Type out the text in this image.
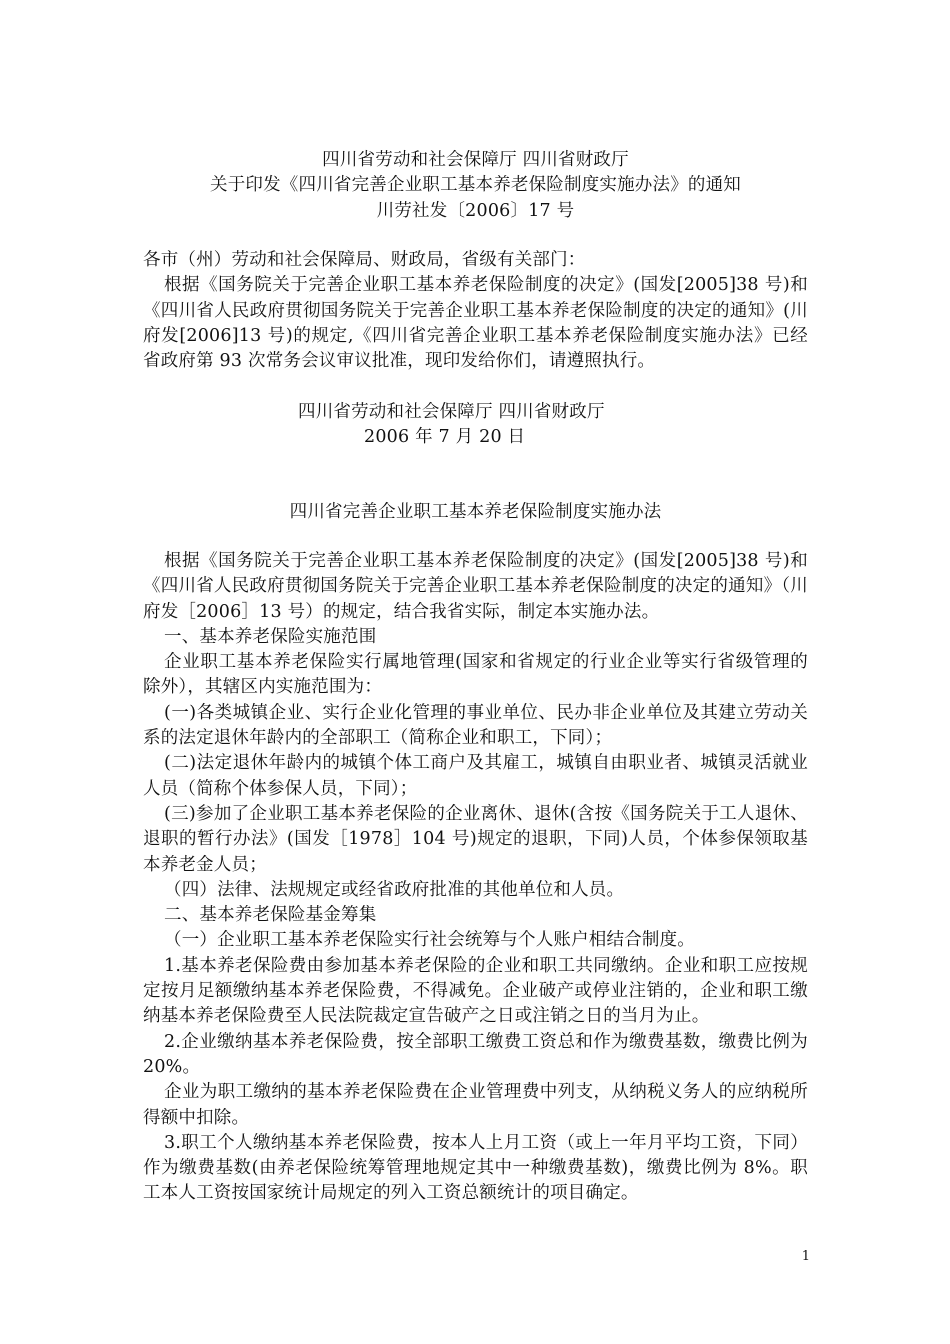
四川省劳动和社会保障厅 四川省财政厅
关于印发《四川省完善企业职工基本养老保险制度实施办法》的通知
川劳社发〔2006〕17 号

各市（州）劳动和社会保障局、财政局，省级有关部门：

根据《国务院关于完善企业职工基本养老保险制度的决定》(国发[2005]38 号)和《四川省人民政府贯彻国务院关于完善企业职工基本养老保险制度的决定的通知》(川府发[2006]13 号)的规定,《四川省完善企业职工基本养老保险制度实施办法》已经省政府第 93 次常务会议审议批准，现印发给你们，请遵照执行。

四川省劳动和社会保障厅 四川省财政厅
2006 年 7 月 20 日
四川省完善企业职工基本养老保险制度实施办法

根据《国务院关于完善企业职工基本养老保险制度的决定》(国发[2005]38 号)和《四川省人民政府贯彻国务院关于完善企业职工基本养老保险制度的决定的通知》（川府发［2006］13 号）的规定，结合我省实际，制定本实施办法。

一、基本养老保险实施范围

企业职工基本养老保险实行属地管理(国家和省规定的行业企业等实行省级管理的除外），其辖区内实施范围为：

(一)各类城镇企业、实行企业化管理的事业单位、民办非企业单位及其建立劳动关系的法定退休年龄内的全部职工（简称企业和职工，下同）；

(二)法定退休年龄内的城镇个体工商户及其雇工，城镇自由职业者、城镇灵活就业人员（简称个体参保人员，下同）；

(三)参加了企业职工基本养老保险的企业离休、退休(含按《国务院关于工人退休、退职的暂行办法》(国发［1978］104 号)规定的退职，下同)人员，个体参保领取基本养老金人员；

（四）法律、法规规定或经省政府批准的其他单位和人员。

二、基本养老保险基金筹集

（一）企业职工基本养老保险实行社会统筹与个人账户相结合制度。

1.基本养老保险费由参加基本养老保险的企业和职工共同缴纳。企业和职工应按规定按月足额缴纳基本养老保险费，不得减免。企业破产或停业注销的，企业和职工缴纳基本养老保险费至人民法院裁定宣告破产之日或注销之日的当月为止。

2.企业缴纳基本养老保险费，按全部职工缴费工资总和作为缴费基数，缴费比例为 20%。

企业为职工缴纳的基本养老保险费在企业管理费中列支，从纳税义务人的应纳税所得额中扣除。

3.职工个人缴纳基本养老保险费，按本人上月工资（或上一年月平均工资，下同）作为缴费基数(由养老保险统筹管理地规定其中一种缴费基数)，缴费比例为 8%。职工本人工资按国家统计局规定的列入工资总额统计的项目确定。

1
